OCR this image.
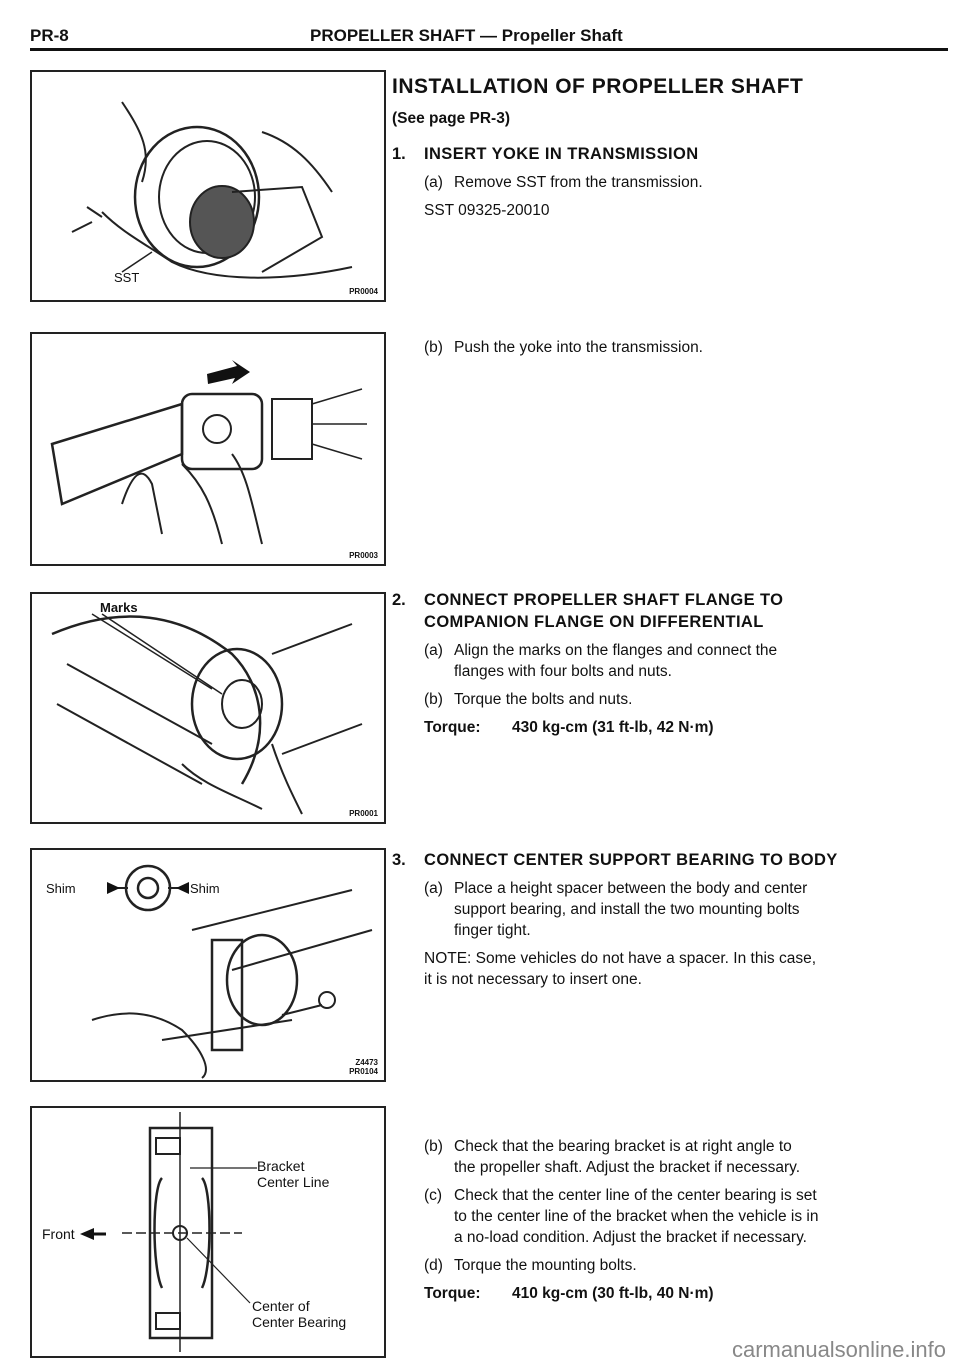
PR-8	PROPELLER SHAFT — Propeller Shaft
SST
PR0004
PR0003
Marks
PR0001
Shim	Shim
Z4473
PR0104
Bracket
Center Line
Front
Center of
Center Bearing
INSTALLATION OF PROPELLER SHAFT
(See page PR-3)
1. INSERT YOKE IN TRANSMISSION
(a) Remove SST from the transmission.
SST 09325-20010
(b) Push the yoke into the transmission.
2. CONNECT PROPELLER SHAFT FLANGE TO
COMPANION FLANGE ON DIFFERENTIAL
(a) Align the marks on the flanges and connect the
flanges with four bolts and nuts.
(b) Torque the bolts and nuts.
Torque: 430 kg-cm (31 ft-lb, 42 N·m)
3. CONNECT CENTER SUPPORT BEARING TO BODY
(a) Place a height spacer between the body and center
support bearing, and install the two mounting bolts
finger tight.
NOTE: Some vehicles do not have a spacer. In this case,
it is not necessary to insert one.
(b) Check that the bearing bracket is at right angle to
the propeller shaft. Adjust the bracket if necessary.
(c) Check that the center line of the center bearing is set
to the center line of the bracket when the vehicle is in
a no-load condition. Adjust the bracket if necessary.
(d) Torque the mounting bolts.
Torque: 410 kg-cm (30 ft-lb, 40 N·m)
carmanualsonline.info
